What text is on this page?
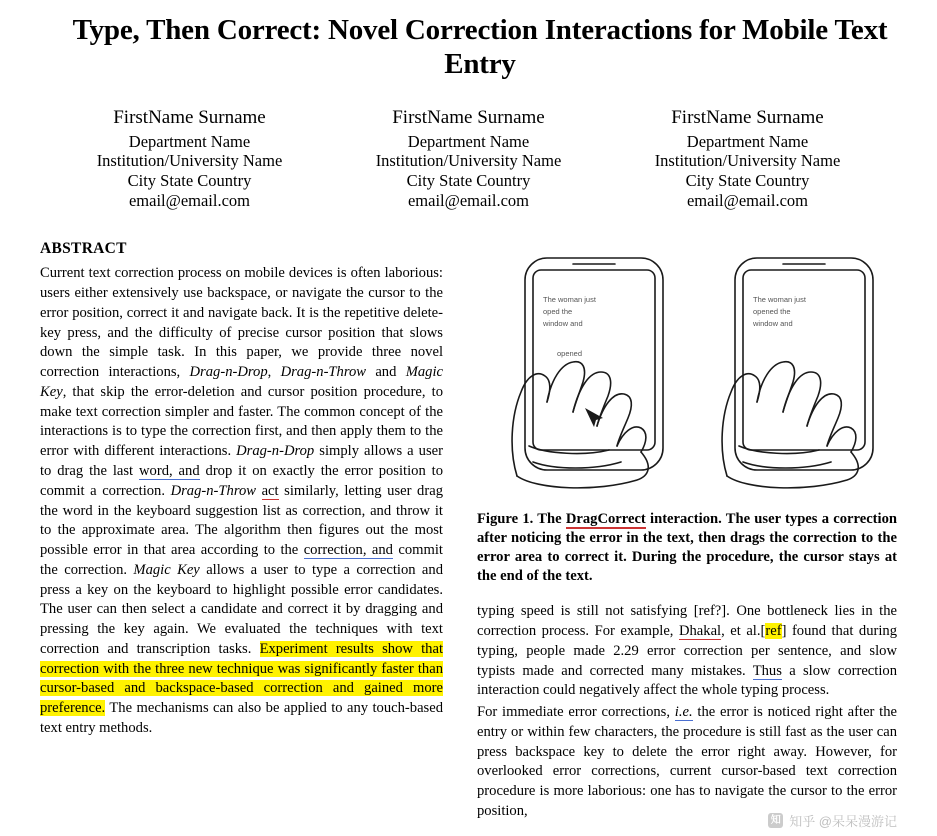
Type, Then Correct: Novel Correction Interactions for Mobile Text Entry
FirstName Surname
Department Name
Institution/University Name
City State Country
email@email.com
FirstName Surname
Department Name
Institution/University Name
City State Country
email@email.com
FirstName Surname
Department Name
Institution/University Name
City State Country
email@email.com
ABSTRACT

Current text correction process on mobile devices is often laborious: users either extensively use backspace, or navigate the cursor to the error position, correct it and navigate back. It is the repetitive delete-key press, and the difficulty of precise cursor position that slows down the simple task. In this paper, we provide three novel correction interactions, Drag-n-Drop, Drag-n-Throw and Magic Key, that skip the error-deletion and cursor position procedure, to make text correction simpler and faster. The common concept of the interactions is to type the correction first, and then apply them to the error with different interactions. Drag-n-Drop simply allows a user to drag the last word, and drop it on exactly the error position to commit a correction. Drag-n-Throw act similarly, letting user drag the word in the keyboard suggestion list as correction, and throw it to the approximate area. The algorithm then figures out the most possible error in that area according to the correction, and commit the correction. Magic Key allows a user to type a correction and press a key on the keyboard to highlight possible error candidates. The user can then select a candidate and correct it by dragging and pressing the key again. We evaluated the techniques with text correction and transcription tasks. Experiment results show that correction with the three new technique was significantly faster than cursor-based and backspace-based correction and gained more preference. The mechanisms can also be applied to any touch-based text entry methods.

The woman just
oped the
window and
opened
The woman just
opened the
window and
Figure 1. The DragCorrect interaction. The user types a correction after noticing the error in the text, then drags the correction to the error area to correct it. During the procedure, the cursor stays at the end of the text.

typing speed is still not satisfying [ref?]. One bottleneck lies in the correction process. For example, Dhakal, et al.[ref] found that during typing, people made 2.29 error correction per sentence, and slow typists made and corrected many mistakes. Thus a slow correction interaction could negatively affect the whole typing process.

For immediate error corrections, i.e. the error is noticed right after the entry or within few characters, the procedure is still fast as the user can press backspace key to delete the error right away. However, for overlooked error corrections, current cursor-based text correction procedure is more laborious: one has to navigate the cursor to the error position,

知 知乎 @呆呆漫游记
